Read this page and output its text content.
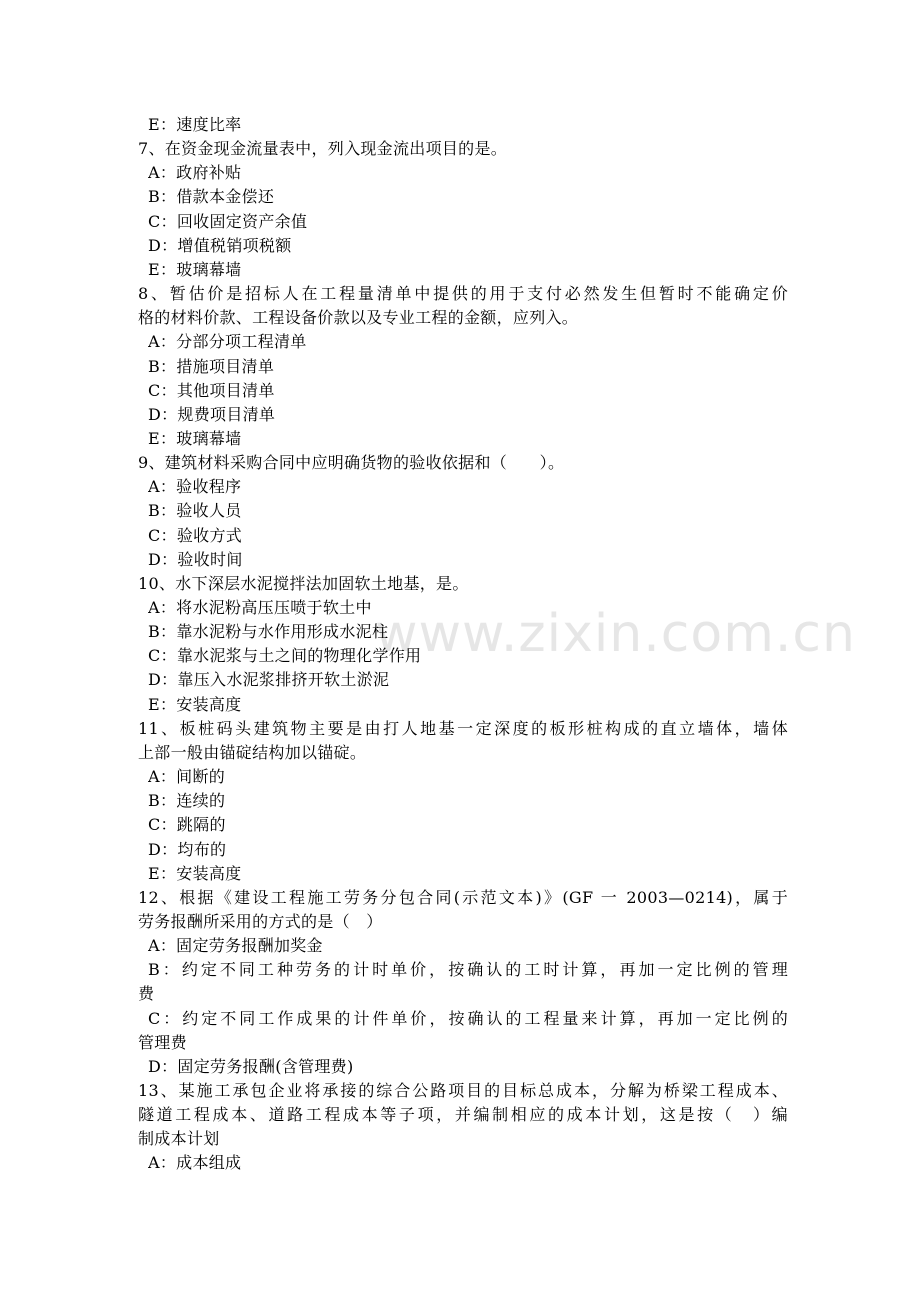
www.zixin.com.cn
E：速度比率
7、在资金现金流量表中，列入现金流出项目的是。
A：政府补贴
B：借款本金偿还
C：回收固定资产余值
D：增值税销项税额
E：玻璃幕墙
8、暂估价是招标人在工程量清单中提供的用于支付必然发生但暂时不能确定价
格的材料价款、工程设备价款以及专业工程的金额，应列入。
A：分部分项工程清单
B：措施项目清单
C：其他项目清单
D：规费项目清单
E：玻璃幕墙
9、建筑材料采购合同中应明确货物的验收依据和（　　）。
A：验收程序
B：验收人员
C：验收方式
D：验收时间
10、水下深层水泥搅拌法加固软土地基，是。
A：将水泥粉高压压喷于软土中
B：靠水泥粉与水作用形成水泥柱
C：靠水泥浆与土之间的物理化学作用
D：靠压入水泥浆排挤开软土淤泥
E：安装高度
11、板桩码头建筑物主要是由打人地基一定深度的板形桩构成的直立墙体，墙体
上部一般由锚碇结构加以锚碇。
A：间断的
B：连续的
C：跳隔的
D：均布的
E：安装高度
12、根据《建设工程施工劳务分包合同(示范文本)》(GF 一 2003—0214)，属于
劳务报酬所采用的方式的是（　）
A：固定劳务报酬加奖金
B：约定不同工种劳务的计时单价，按确认的工时计算，再加一定比例的管理
费
C：约定不同工作成果的计件单价，按确认的工程量来计算，再加一定比例的
管理费
D：固定劳务报酬(含管理费)
13、某施工承包企业将承接的综合公路项目的目标总成本，分解为桥梁工程成本、
隧道工程成本、道路工程成本等子项，并编制相应的成本计划，这是按（　）编
制成本计划
A：成本组成
